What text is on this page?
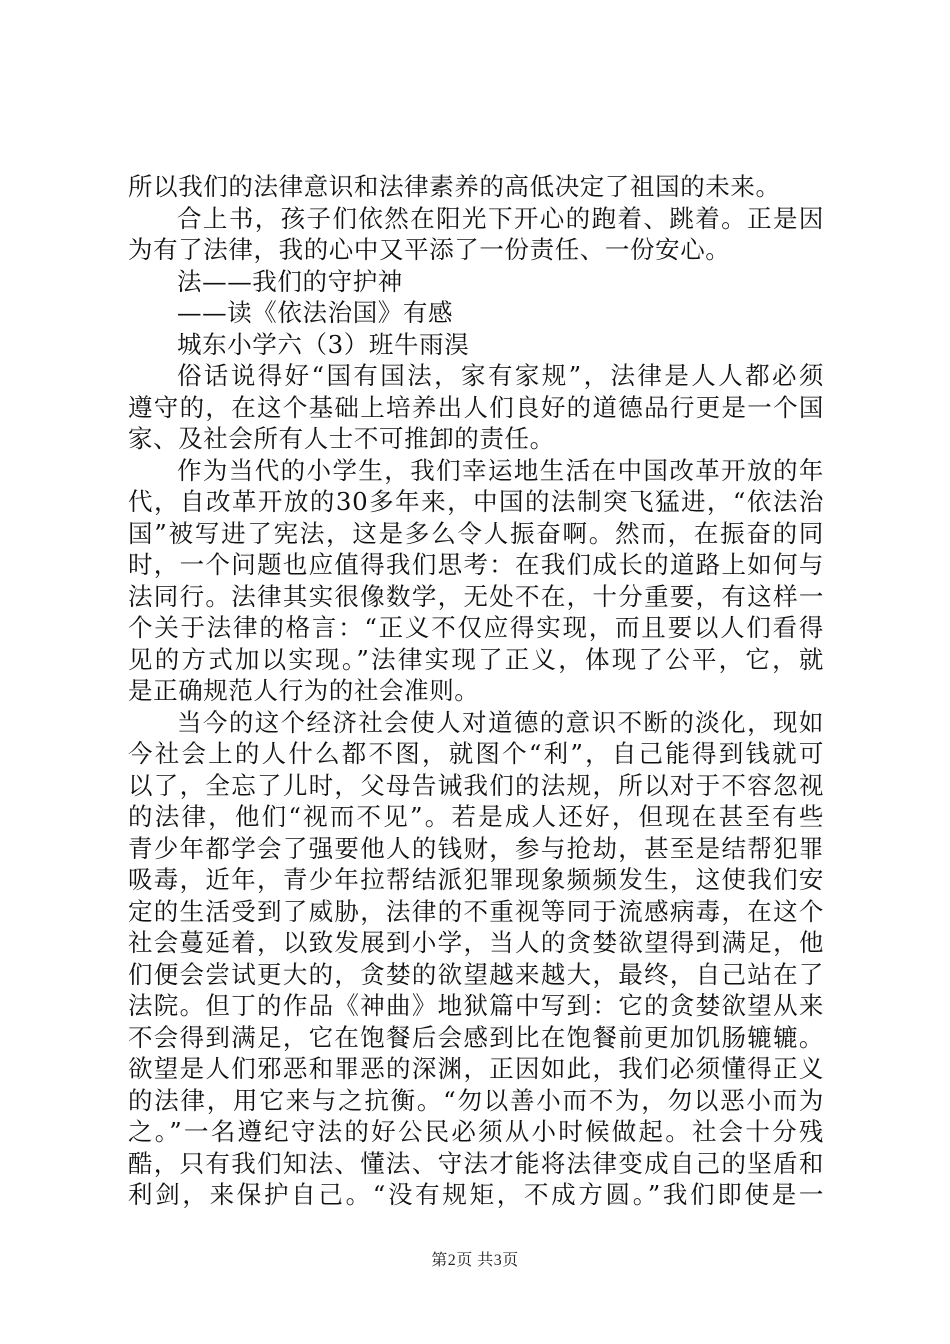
所以我们的法律意识和法律素养的高低决定了祖国的未来。
合上书，孩子们依然在阳光下开心的跑着、跳着。正是因
为有了法律，我的心中又平添了一份责任、一份安心。
法——我们的守护神
——读《依法治国》有感
城东小学六（3）班牛雨淏
俗话说得好“国有国法，家有家规”，法律是人人都必须
遵守的，在这个基础上培养出人们良好的道德品行更是一个国
家、及社会所有人士不可推卸的责任。
作为当代的小学生，我们幸运地生活在中国改革开放的年
代，自改革开放的30多年来，中国的法制突飞猛进，“依法治
国”被写进了宪法，这是多么令人振奋啊。然而，在振奋的同
时，一个问题也应值得我们思考：在我们成长的道路上如何与
法同行。法律其实很像数学，无处不在，十分重要，有这样一
个关于法律的格言：“正义不仅应得实现，而且要以人们看得
见的方式加以实现。”法律实现了正义，体现了公平，它，就
是正确规范人行为的社会准则。
当今的这个经济社会使人对道德的意识不断的淡化，现如
今社会上的人什么都不图，就图个“利”，自己能得到钱就可
以了，全忘了儿时，父母告诫我们的法规，所以对于不容忽视
的法律，他们“视而不见”。若是成人还好，但现在甚至有些
青少年都学会了强要他人的钱财，参与抢劫，甚至是结帮犯罪
吸毒，近年，青少年拉帮结派犯罪现象频频发生，这使我们安
定的生活受到了威胁，法律的不重视等同于流感病毒，在这个
社会蔓延着，以致发展到小学，当人的贪婪欲望得到满足，他
们便会尝试更大的，贪婪的欲望越来越大，最终，自己站在了
法院。但丁的作品《神曲》地狱篇中写到：它的贪婪欲望从来
不会得到满足，它在饱餐后会感到比在饱餐前更加饥肠辘辘。
欲望是人们邪恶和罪恶的深渊，正因如此，我们必须懂得正义
的法律，用它来与之抗衡。“勿以善小而不为，勿以恶小而为
之。”一名遵纪守法的好公民必须从小时候做起。社会十分残
酷，只有我们知法、懂法、守法才能将法律变成自己的坚盾和
利剑，来保护自己。“没有规矩，不成方圆。”我们即使是一
第2页 共3页
